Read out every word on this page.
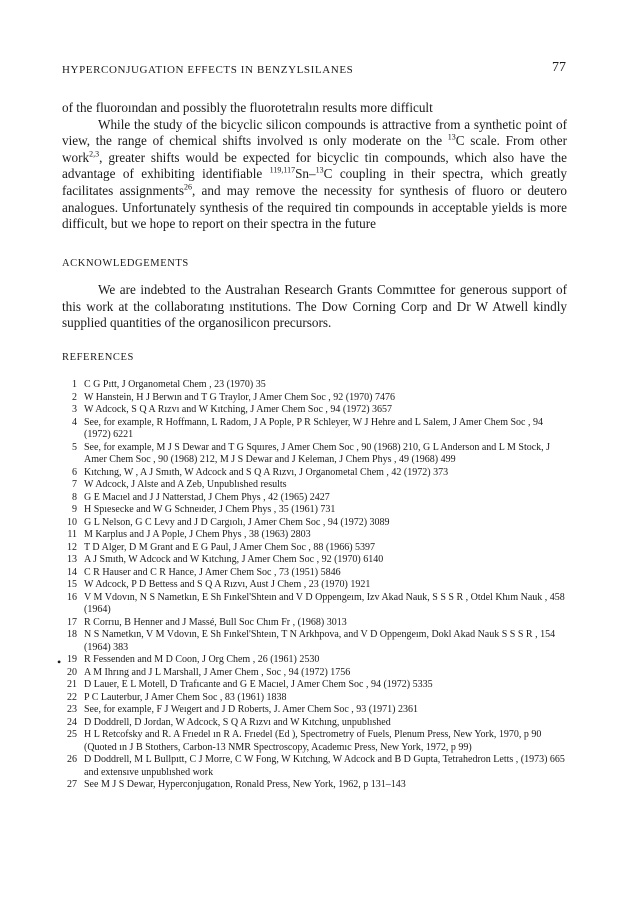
HYPERCONJUGATION EFFECTS IN BENZYLSILANES	77

of the fluoroından and possibly the fluorotetralın results more difficult

While the study of the bicyclic silicon compounds is attractive from a synthetic point of view, the range of chemical shifts involved ıs only moderate on the $^{13}$C scale. From other work$^{2,3}$, greater shifts would be expected for bicyclic tin compounds, which also have the advantage of exhibiting identifiable $^{119,117}$Sn–$^{13}$C coupling in their spectra, which greatly facilitates assignments$^{26}$, and may remove the necessity for synthesis of fluoro or deutero analogues. Unfortunately synthesis of the required tin compounds in acceptable yields is more difficult, but we hope to report on their spectra in the future

ACKNOWLEDGEMENTS

We are indebted to the Australıan Research Grants Commıttee for generous support of this work at the collaboratıng ınstitutions. The Dow Corning Corp and Dr W Atwell kindly supplied quantities of the organosilicon precursors.

REFERENCES
1 C G Pıtt, J Organometal Chem , 23 (1970) 35
2 W Hanstein, H J Berwın and T G Traylor, J Amer Chem Soc , 92 (1970) 7476
3 W Adcock, S Q A Rızvı and W Kıtching, J Amer Chem Soc , 94 (1972) 3657
4 See, for example, R Hoffmann, L Radom, J A Pople, P R Schleyer, W J Hehre and L Salem, J Amer Chem Soc , 94 (1972) 6221
5 See, for example, M J S Dewar and T G Squıres, J Amer Chem Soc , 90 (1968) 210, G L Anderson and L M Stock, J Amer Chem Soc , 90 (1968) 212, M J S Dewar and J Keleman, J Chem Phys , 49 (1968) 499
6 Kıtchıng, W , A J Smıth, W Adcock and S Q A Rızvı, J Organometal Chem , 42 (1972) 373
7 W Adcock, J Alste and A Zeb, Unpublıshed results
8 G E Macıel and J J Natterstad, J Chem Phys , 42 (1965) 2427
9 H Spıesecke and W G Schneıder, J Chem Phys , 35 (1961) 731
10 G L Nelson, G C Levy and J D Cargıolı, J Amer Chem Soc , 94 (1972) 3089
11 M Karplus and J A Pople, J Chem Phys , 38 (1963) 2803
12 T D Alger, D M Grant and E G Paul, J Amer Chem Soc , 88 (1966) 5397
13 A J Smıth, W Adcock and W Kıtchıng, J Amer Chem Soc , 92 (1970) 6140
14 C R Hauser and C R Hance, J Amer Chem Soc , 73 (1951) 5846
15 W Adcock, P D Bettess and S Q A Rızvı, Aust J Chem , 23 (1970) 1921
16 V M Vdovın, N S Nametkın, E Sh Fınkel'Shteın and V D Oppengeım, Izv Akad Nauk, S S S R , Otdel Khım Nauk , 458 (1964)
17 R Corrıu, B Henner and J Massé, Bull Soc Chım Fr , (1968) 3013
18 N S Nametkın, V M Vdovın, E Sh Fınkel'Shteın, T N Arkhpova, and V D Oppengeım, Dokl Akad Nauk S S S R , 154 (1964) 383
19 R Fessenden and M D Coon, J Org Chem , 26 (1961) 2530
20 A M Ihrıng and J L Marshall, J Amer Chem , Soc , 94 (1972) 1756
21 D Lauer, E L Motell, D Trafıcante and G E Macıel, J Amer Chem Soc , 94 (1972) 5335
22 P C Lauterbur, J Amer Chem Soc , 83 (1961) 1838
23 See, for example, F J Weıgert and J D Roberts, J. Amer Chem Soc , 93 (1971) 2361
24 D Doddrell, D Jordan, W Adcock, S Q A Rızvı and W Kıtchıng, unpublıshed
25 H L Retcofsky and R. A Frıedel ın R A. Frıedel (Ed ), Spectrometry of Fuels, Plenum Press, New York, 1970, p 90 (Quoted ın J B Stothers, Carbon-13 NMR Spectroscopy, Academıc Press, New York, 1972, p 99)
26 D Doddrell, M L Bullpıtt, C J Morre, C W Fong, W Kıtchıng, W Adcock and B D Gupta, Tetrahedron Letts , (1973) 665 and extensıve unpublıshed work
27 See M J S Dewar, Hyperconjugatıon, Ronald Press, New York, 1962, p 131–143
•
